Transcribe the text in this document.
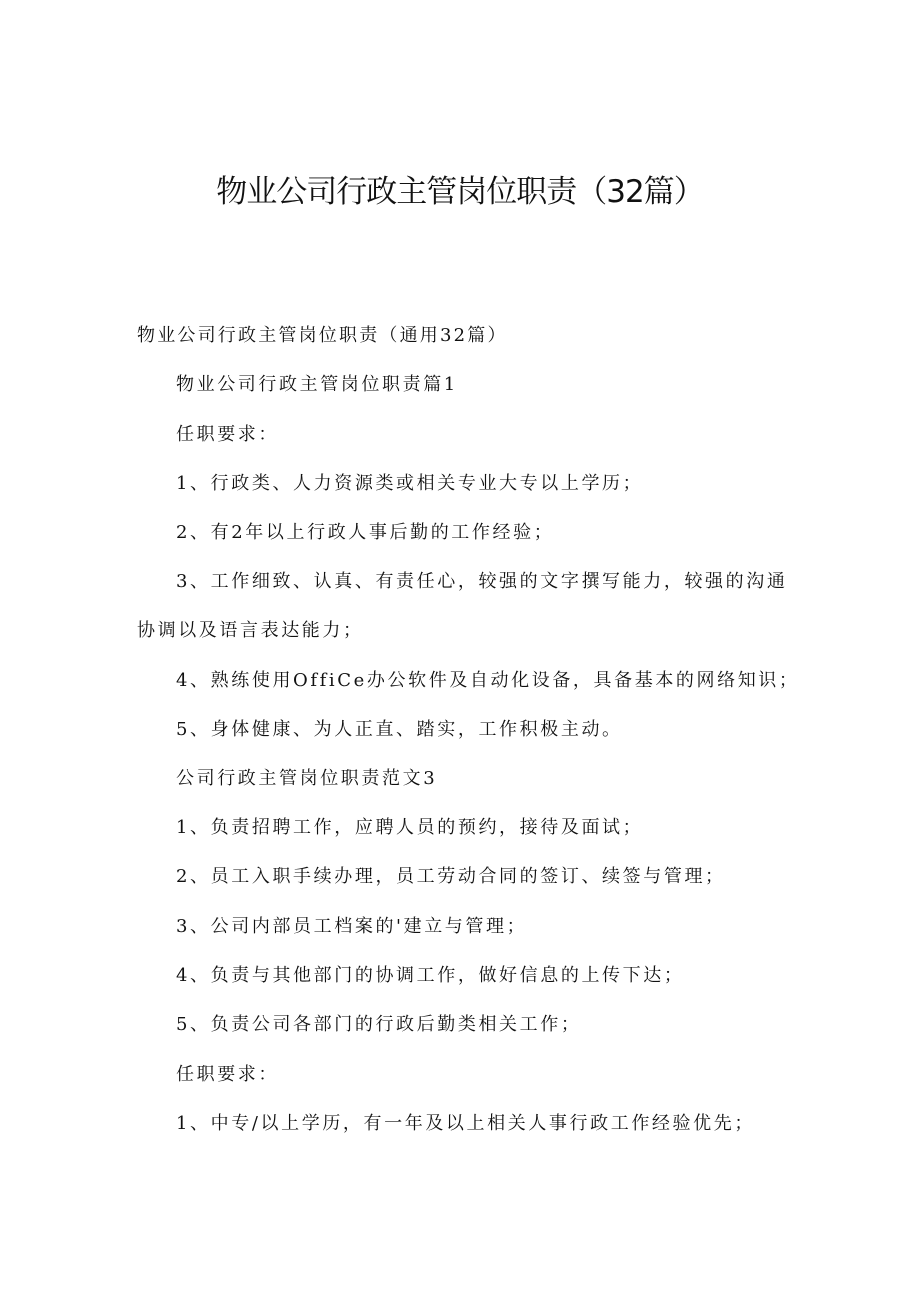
物业公司行政主管岗位职责（32篇）
物业公司行政主管岗位职责（通用32篇）
物业公司行政主管岗位职责篇1
任职要求：
1、行政类、人力资源类或相关专业大专以上学历；
2、有2年以上行政人事后勤的工作经验；
3、工作细致、认真、有责任心，较强的文字撰写能力，较强的沟通
协调以及语言表达能力；
4、熟练使用OffiCe办公软件及自动化设备，具备基本的网络知识；
5、身体健康、为人正直、踏实，工作积极主动。
公司行政主管岗位职责范文3
1、负责招聘工作，应聘人员的预约，接待及面试；
2、员工入职手续办理，员工劳动合同的签订、续签与管理；
3、公司内部员工档案的'建立与管理；
4、负责与其他部门的协调工作，做好信息的上传下达；
5、负责公司各部门的行政后勤类相关工作；
任职要求：
1、中专/以上学历，有一年及以上相关人事行政工作经验优先；
